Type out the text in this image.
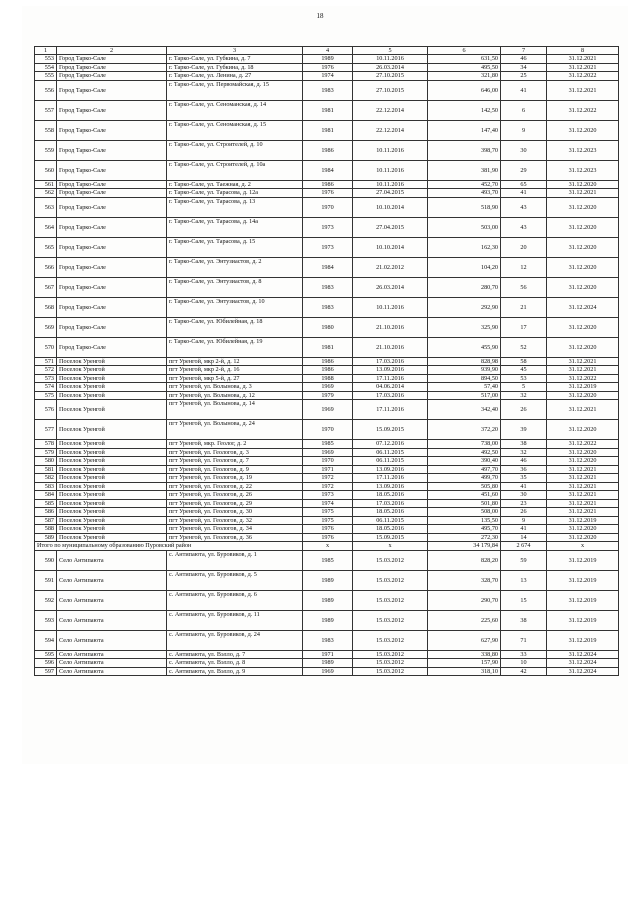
18
1	2	3	4	5	6	7	8
553	Город Тарко-Сале	г. Тарко-Сале, ул. Губкина, д. 7	1989	10.11.2016	631,50	46	31.12.2021
554	Город Тарко-Сале	г. Тарко-Сале, ул. Губкина, д. 18	1976	26.03.2014	495,50	34	31.12.2021
555	Город Тарко-Сале	г. Тарко-Сале, ул. Ленина, д. 27	1974	27.10.2015	321,80	25	31.12.2022
556	Город Тарко-Сале	г. Тарко-Сале, ул. Первомайская, д. 15	1983	27.10.2015	646,00	41	31.12.2021
557	Город Тарко-Сале	г. Тарко-Сале, ул. Сеноманская, д. 14	1981	22.12.2014	142,50	6	31.12.2022
558	Город Тарко-Сале	г. Тарко-Сале, ул. Сеноманская, д. 15	1981	22.12.2014	147,40	9	31.12.2020
559	Город Тарко-Сале	г. Тарко-Сале, ул. Строителей, д. 10	1986	10.11.2016	398,70	30	31.12.2023
560	Город Тарко-Сале	г. Тарко-Сале, ул. Строителей, д. 10а	1984	10.11.2016	381,90	29	31.12.2023
561	Город Тарко-Сале	г. Тарко-Сале, ул. Таежная, д. 2	1986	10.11.2016	452,70	65	31.12.2020
562	Город Тарко-Сале	г. Тарко-Сале, ул. Тарасова, д. 12а	1976	27.04.2015	493,70	41	31.12.2021
563	Город Тарко-Сале	г. Тарко-Сале, ул. Тарасова, д. 13	1970	10.10.2014	518,90	43	31.12.2020
564	Город Тарко-Сале	г. Тарко-Сале, ул. Тарасова, д. 14а	1973	27.04.2015	503,00	43	31.12.2020
565	Город Тарко-Сале	г. Тарко-Сале, ул. Тарасова, д. 15	1973	10.10.2014	162,30	20	31.12.2020
566	Город Тарко-Сале	г. Тарко-Сале, ул. Энтузиастов, д. 2	1984	21.02.2012	104,20	12	31.12.2020
567	Город Тарко-Сале	г. Тарко-Сале, ул. Энтузиастов, д. 8	1983	26.03.2014	280,70	56	31.12.2020
568	Город Тарко-Сале	г. Тарко-Сале, ул. Энтузиастов, д. 10	1983	10.11.2016	292,90	21	31.12.2024
569	Город Тарко-Сале	г. Тарко-Сале, ул. Юбилейная, д. 18	1980	21.10.2016	325,90	17	31.12.2020
570	Город Тарко-Сале	г. Тарко-Сале, ул. Юбилейная, д. 19	1981	21.10.2016	455,90	52	31.12.2020
571	Поселок Уренгой	пгт Уренгой, мкр 2-й, д. 12	1986	17.03.2016	828,98	58	31.12.2021
572	Поселок Уренгой	пгт Уренгой, мкр 2-й, д. 16	1986	13.09.2016	939,90	45	31.12.2021
573	Поселок Уренгой	пгт Уренгой, мкр 5-й, д. 27	1988	17.11.2016	894,50	53	31.12.2022
574	Поселок Уренгой	пгт Уренгой, ул. Волынова, д. 3	1969	04.06.2014	57,40	5	31.12.2019
575	Поселок Уренгой	пгт Уренгой, ул. Волынова, д. 12	1979	17.03.2016	517,00	32	31.12.2020
576	Поселок Уренгой	пгт Уренгой, ул. Волынова, д. 14	1969	17.11.2016	342,40	26	31.12.2021
577	Поселок Уренгой	пгт Уренгой, ул. Волынова, д. 24	1970	15.09.2015	372,20	39	31.12.2020
578	Поселок Уренгой	пгт Уренгой, мкр. Геолог, д. 2	1985	07.12.2016	738,00	38	31.12.2022
579	Поселок Уренгой	пгт Уренгой, ул. Геологов, д. 3	1969	06.11.2015	492,50	32	31.12.2020
580	Поселок Уренгой	пгт Уренгой, ул. Геологов, д. 7	1970	06.11.2015	390,40	46	31.12.2020
581	Поселок Уренгой	пгт Уренгой, ул. Геологов, д. 9	1971	13.09.2016	497,70	36	31.12.2021
582	Поселок Уренгой	пгт Уренгой, ул. Геологов, д. 19	1972	17.11.2016	499,70	35	31.12.2021
583	Поселок Уренгой	пгт Уренгой, ул. Геологов, д. 22	1972	13.09.2016	505,80	41	31.12.2021
584	Поселок Уренгой	пгт Уренгой, ул. Геологов, д. 26	1973	18.05.2016	451,60	30	31.12.2021
585	Поселок Уренгой	пгт Уренгой, ул. Геологов, д. 29	1974	17.03.2016	501,80	23	31.12.2021
586	Поселок Уренгой	пгт Уренгой, ул. Геологов, д. 30	1975	18.05.2016	508,00	26	31.12.2021
587	Поселок Уренгой	пгт Уренгой, ул. Геологов, д. 32	1975	06.11.2015	135,50	9	31.12.2019
588	Поселок Уренгой	пгт Уренгой, ул. Геологов, д. 34	1976	18.05.2016	495,70	41	31.12.2020
589	Поселок Уренгой	пгт Уренгой, ул. Геологов, д. 36	1976	15.09.2015	272,30	14	31.12.2020
Итого по муниципальному образованию Пуровский район			х	х	34 179,84	2 674	х
590	Село Антипаюта	с. Антипаюта, ул. Буровиков, д. 1	1985	15.03.2012	828,20	59	31.12.2019
591	Село Антипаюта	с. Антипаюта, ул. Буровиков, д. 5	1989	15.03.2012	328,70	13	31.12.2019
592	Село Антипаюта	с. Антипаюта, ул. Буровиков, д. 6	1989	15.03.2012	290,70	15	31.12.2019
593	Село Антипаюта	с. Антипаюта, ул. Буровиков, д. 11	1989	15.03.2012	225,60	38	31.12.2019
594	Село Антипаюта	с. Антипаюта, ул. Буровиков, д. 24	1983	15.03.2012	627,90	71	31.12.2019
595	Село Антипаюта	с. Антипаюта, ул. Вэлло, д. 7	1971	15.03.2012	338,80	33	31.12.2024
596	Село Антипаюта	с. Антипаюта, ул. Вэлло, д. 8	1989	15.03.2012	157,90	10	31.12.2024
597	Село Антипаюта	с. Антипаюта, ул. Вэлло, д. 9	1969	15.03.2012	318,10	42	31.12.2024
